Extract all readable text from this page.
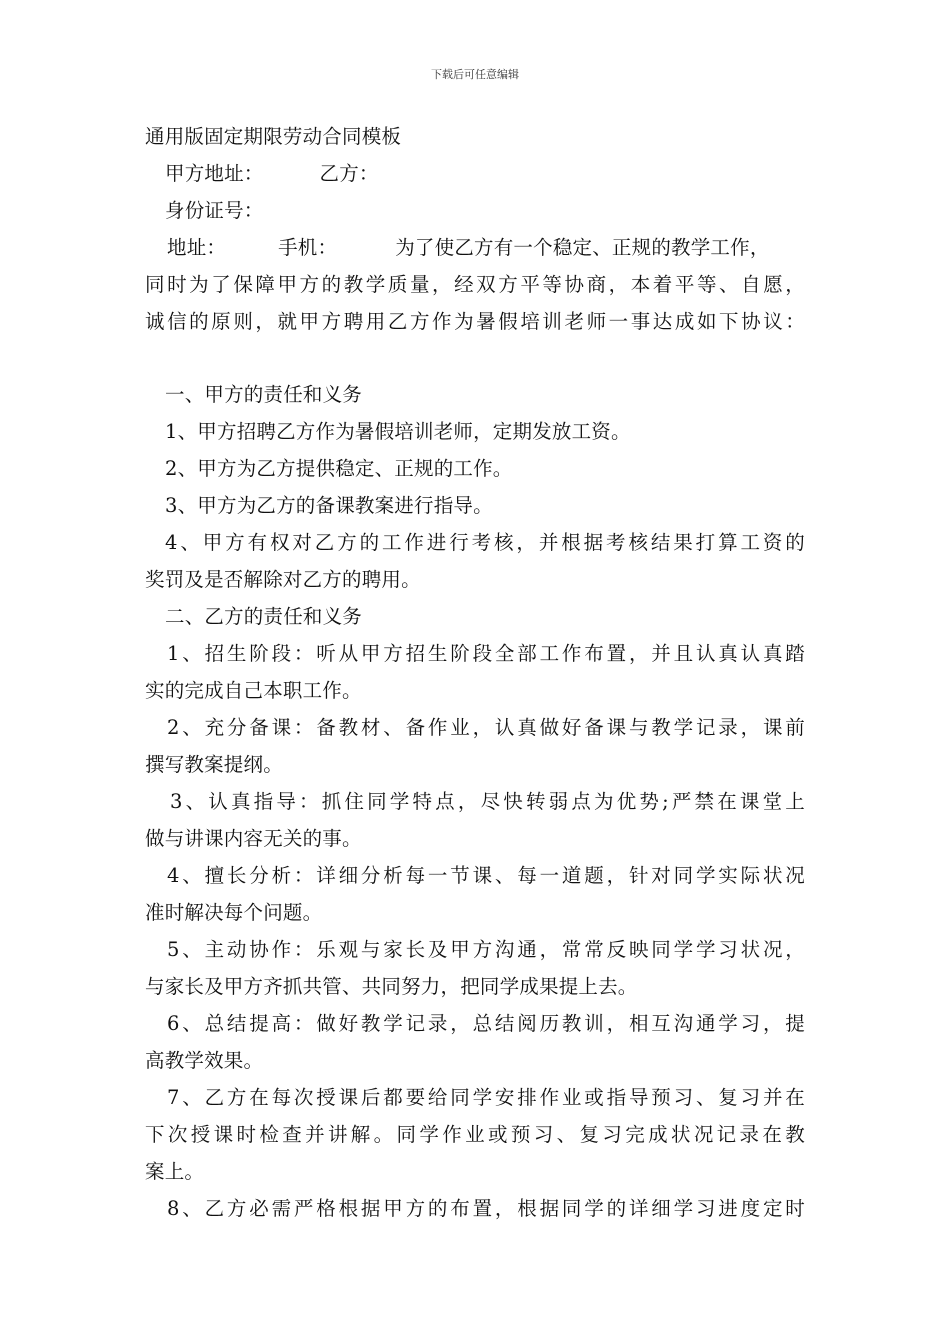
下载后可任意编辑
通用版固定期限劳动合同模板
甲方地址：	乙方：
身份证号：
地址：	手机：	为了使乙方有一个稳定、正规的教学工作，
同时为了保障甲方的教学质量，经双方平等协商，本着平等、自愿，
诚信的原则，就甲方聘用乙方作为暑假培训老师一事达成如下协议：
一、甲方的责任和义务
1、甲方招聘乙方作为暑假培训老师，定期发放工资。
2、甲方为乙方提供稳定、正规的工作。
3、甲方为乙方的备课教案进行指导。
4、甲方有权对乙方的工作进行考核，并根据考核结果打算工资的
奖罚及是否解除对乙方的聘用。
二、乙方的责任和义务
1、招生阶段：听从甲方招生阶段全部工作布置，并且认真认真踏
实的完成自己本职工作。
2、充分备课：备教材、备作业，认真做好备课与教学记录，课前
撰写教案提纲。
3、认真指导：抓住同学特点，尽快转弱点为优势;严禁在课堂上
做与讲课内容无关的事。
4、擅长分析：详细分析每一节课、每一道题，针对同学实际状况
准时解决每个问题。
5、主动协作：乐观与家长及甲方沟通，常常反映同学学习状况，
与家长及甲方齐抓共管、共同努力，把同学成果提上去。
6、总结提高：做好教学记录，总结阅历教训，相互沟通学习，提
高教学效果。
7、乙方在每次授课后都要给同学安排作业或指导预习、复习并在
下次授课时检查并讲解。同学作业或预习、复习完成状况记录在教
案上。
8、乙方必需严格根据甲方的布置，根据同学的详细学习进度定时
